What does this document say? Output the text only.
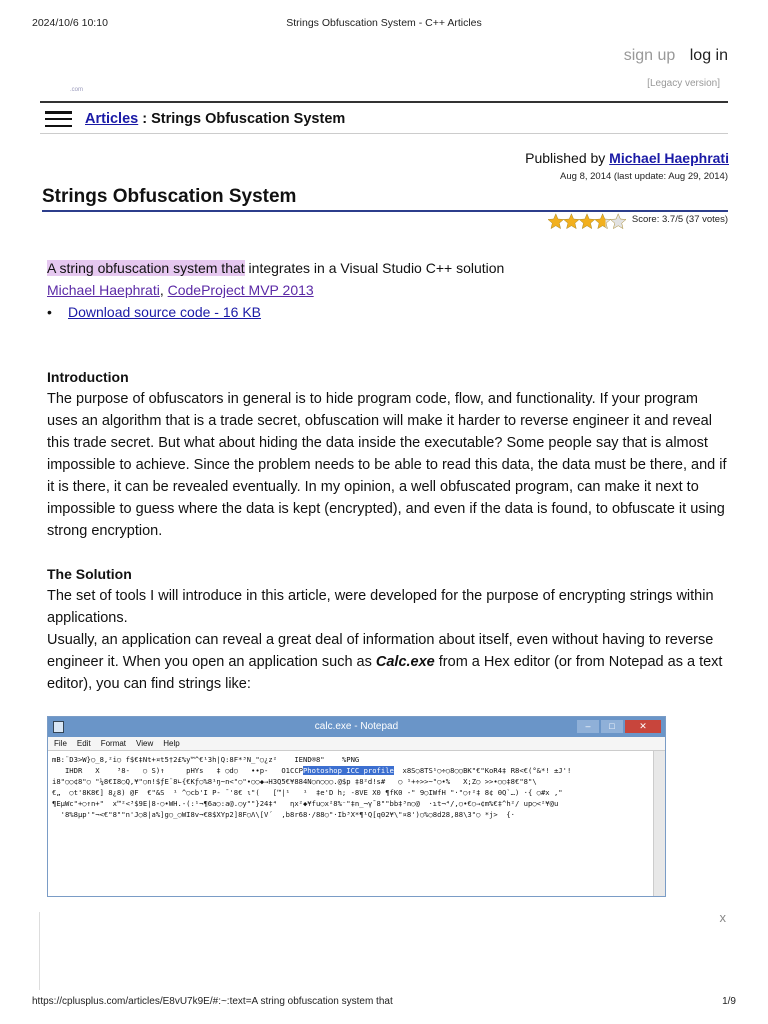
2024/10/6 10:10	Strings Obfuscation System - C++ Articles
sign up log in
[Legacy version]
.com
Articles : Strings Obfuscation System
Published by Michael Haephrati
Aug 8, 2014 (last update: Aug 29, 2014)
Strings Obfuscation System
Score: 3.7/5 (37 votes)
A string obfuscation system that integrates in a Visual Studio C++ solution
Michael Haephrati, CodeProject MVP 2013
• Download source code - 16 KB
Introduction

The purpose of obfuscators in general is to hide program code, flow, and functionality. If your program uses an algorithm that is a trade secret, obfuscation will make it harder to reverse engineer it and reveal this trade secret. But what about hiding the data inside the executable? Some people say that is almost impossible to achieve. Since the problem needs to be able to read this data, the data must be there, and if it is there, it can be revealed eventually. In my opinion, a well obfuscated program, can make it next to impossible to guess where the data is kept (encrypted), and even if the data is found, to obfuscate it using strong encryption.

The Solution

The set of tools I will introduce in this article, were developed for the purpose of encrypting strings within applications.

Usually, an application can reveal a great deal of information about itself, even without having to reverse engineer it. When you open an application such as Calc.exe from a Hex editor (or from Notepad as a text editor), you can find strings like:

calc.exe - Notepad	–	□	✕
File Edit Format View Help
mB:¨D3>W}○_8,²i○ f$€‡Nt+¤t5†2£%y™^€¹3h|Q:8F*³N_"○¿z²    IEND®8"    %PNG
IHDR   X    ³8-   ○ S)↑     pHYs   ‡ ○d○   ••p-   O1CCPPhotoshop ICC profile  x8S○8TS¹○÷○8○○BK"€"KoR4‡ R8<€(°&*! ±J'!
i8"○○¢8"○ "¼8€I8○Q,¥"○n!$ƒE¨8∟{€Kƒ○%8¹ŋ~n<"○"•○○◆→H3Q5€¥884N○∩○○○.@$p ‡8²d!s#   ○ ¹+÷>>~"○•%   X;Z○ >>•○○‡8€"8"\
€„  ○t'8K8€] 8¿8) @F  €"&S  ¹ ^○cb'I P- ¯'8€ ι"(   [™|¹   ¹  ‡e'D h; -8VE X0 ¶fK0 -" 9○IWfH "·"○↑²‡ 8¢ 0Q`…) ·{ ○#x ‚"
¶EµWc"+○↑n+"  x™²<³$9E|8-○•WH.-(:¹¬¶6a○:a@.○y""}24‡⁴   ηx²◆¥fu○x²8%⁻"‡n_¬γ¯8""bb‡³n○@  ·ɿt¬⁴/,○•€○→¢m%€‡^h²/ up○<²¥@u
'8%8µp'"¬<€"8""n'J○8|a%]g○_○WI8v¬€8$XYp2]8F○Ʌ\[V´  ,b8r68·/88○"·Ib³X*¶¹Q[q02¥\"¤8')○%○8d28,88\3"○ *j>  {·
x
https://cplusplus.com/articles/E8vU7k9E/#:~:text=A string obfuscation system that	1/9
